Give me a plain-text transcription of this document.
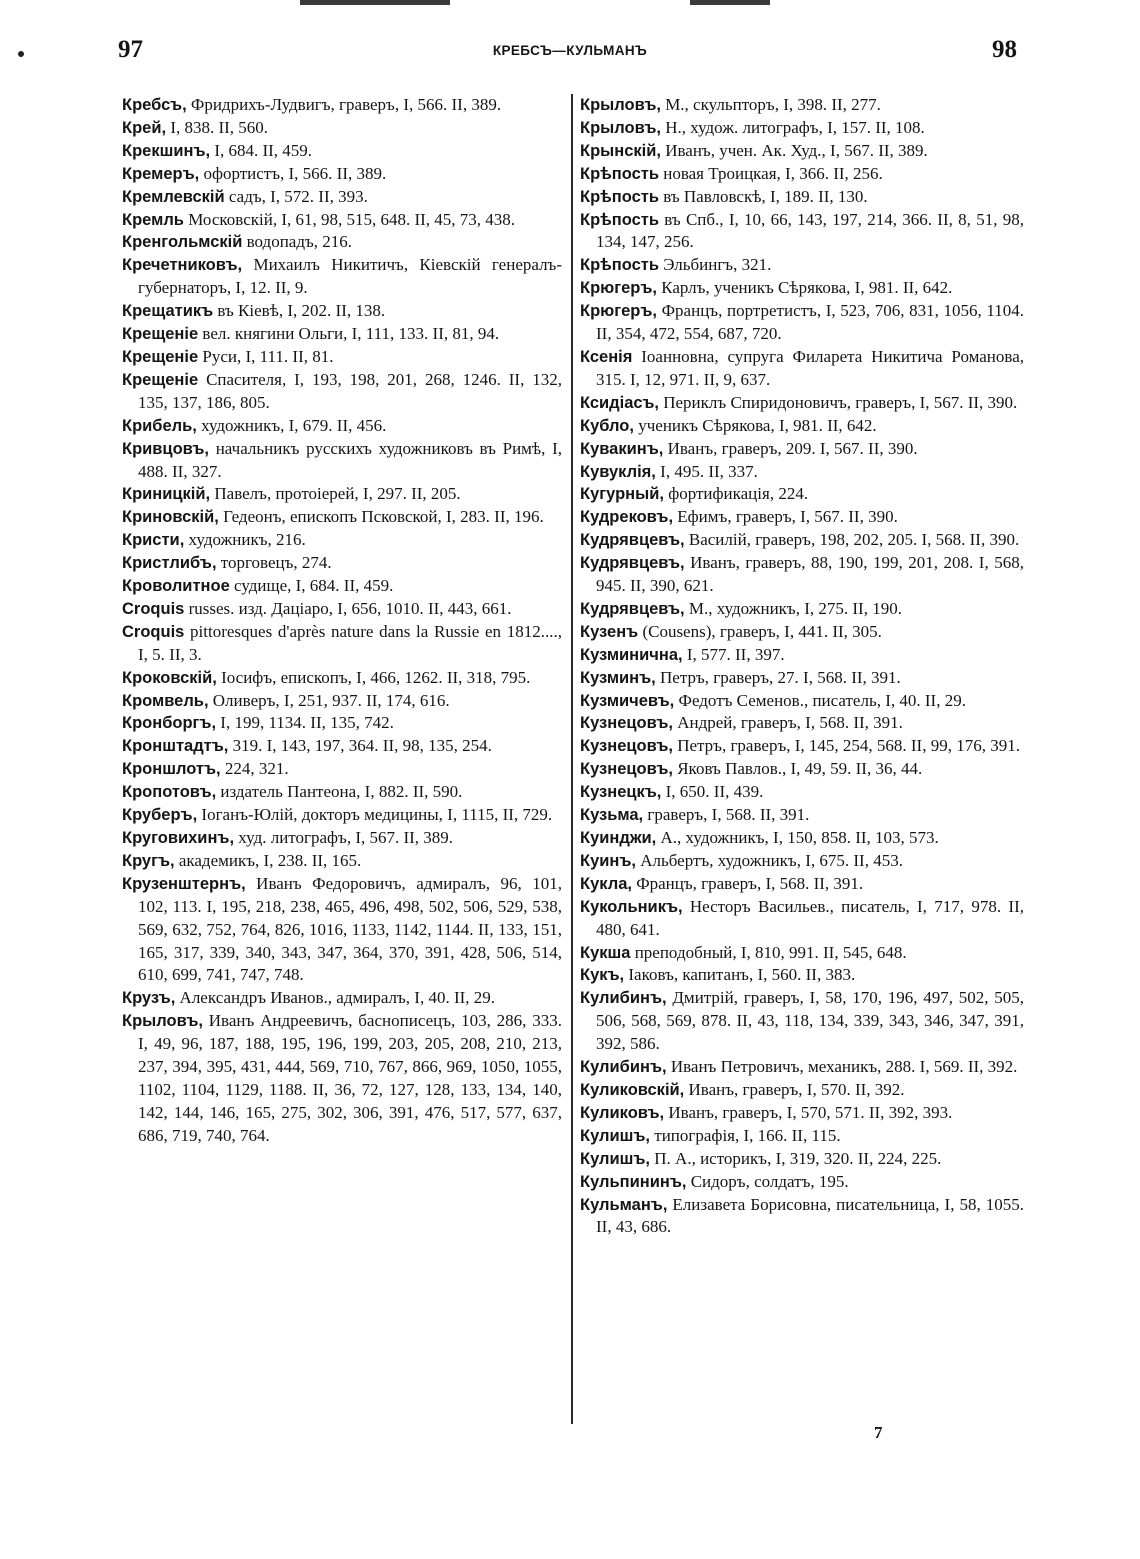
97	КРЕБСЪ—КУЛЬМАНЪ	98

Кребсъ, Фридрихъ-Лудвигъ, граверъ, I, 566. II, 389.

Крей, I, 838. II, 560.

Крекшинъ, I, 684. II, 459.

Кремеръ, офортистъ, I, 566. II, 389.

Кремлевскій садъ, I, 572. II, 393.

Кремль Московскій, I, 61, 98, 515, 648. II, 45, 73, 438.

Кренгольмскій водопадъ, 216.

Кречетниковъ, Михаилъ Никитичъ, Кіевскій генералъ-губернаторъ, I, 12. II, 9.

Крещатикъ въ Кіевѣ, I, 202. II, 138.

Крещеніе вел. княгини Ольги, I, 111, 133. II, 81, 94.

Крещеніе Руси, I, 111. II, 81.

Крещеніе Спасителя, I, 193, 198, 201, 268, 1246. II, 132, 135, 137, 186, 805.

Крибель, художникъ, I, 679. II, 456.

Кривцовъ, начальникъ русскихъ художниковъ въ Римѣ, I, 488. II, 327.

Криницкій, Павелъ, протоіерей, I, 297. II, 205.

Криновскій, Гедеонъ, епископъ Псковской, I, 283. II, 196.

Кристи, художникъ, 216.

Кристлибъ, торговецъ, 274.

Кроволитное судище, I, 684. II, 459.

Croquis russes. изд. Даціаро, I, 656, 1010. II, 443, 661.

Croquis pittoresques d'après nature dans la Russie en 1812...., I, 5. II, 3.

Кроковскій, Іосифъ, епископъ, I, 466, 1262. II, 318, 795.

Кромвель, Оливеръ, I, 251, 937. II, 174, 616.

Кронборгъ, I, 199, 1134. II, 135, 742.

Кронштадтъ, 319. I, 143, 197, 364. II, 98, 135, 254.

Кроншлотъ, 224, 321.

Кропотовъ, издатель Пантеона, I, 882. II, 590.

Круберъ, Іоганъ-Юлій, докторъ медицины, I, 1115, II, 729.

Круговихинъ, худ. литографъ, I, 567. II, 389.

Кругъ, академикъ, I, 238. II, 165.

Крузенштернъ, Иванъ Федоровичъ, адмиралъ, 96, 101, 102, 113. I, 195, 218, 238, 465, 496, 498, 502, 506, 529, 538, 569, 632, 752, 764, 826, 1016, 1133, 1142, 1144. II, 133, 151, 165, 317, 339, 340, 343, 347, 364, 370, 391, 428, 506, 514, 610, 699, 741, 747, 748.

Крузъ, Александръ Иванов., адмиралъ, I, 40. II, 29.

Крыловъ, Иванъ Андреевичъ, баснописецъ, 103, 286, 333. I, 49, 96, 187, 188, 195, 196, 199, 203, 205, 208, 210, 213, 237, 394, 395, 431, 444, 569, 710, 767, 866, 969, 1050, 1055, 1102, 1104, 1129, 1188. II, 36, 72, 127, 128, 133, 134, 140, 142, 144, 146, 165, 275, 302, 306, 391, 476, 517, 577, 637, 686, 719, 740, 764.

Крыловъ, М., скульпторъ, I, 398. II, 277.

Крыловъ, Н., худож. литографъ, I, 157. II, 108.

Крынскій, Иванъ, учен. Ак. Худ., I, 567. II, 389.

Крѣпость новая Троицкая, I, 366. II, 256.

Крѣпость въ Павловскѣ, I, 189. II, 130.

Крѣпость въ Спб., I, 10, 66, 143, 197, 214, 366. II, 8, 51, 98, 134, 147, 256.

Крѣпость Эльбингъ, 321.

Крюгеръ, Карлъ, ученикъ Сѣрякова, I, 981. II, 642.

Крюгеръ, Францъ, портретистъ, I, 523, 706, 831, 1056, 1104. II, 354, 472, 554, 687, 720.

Ксенія Іоанновна, супруга Филарета Никитича Романова, 315. I, 12, 971. II, 9, 637.

Ксидіасъ, Периклъ Спиридоновичъ, граверъ, I, 567. II, 390.

Кубло, ученикъ Сѣрякова, I, 981. II, 642.

Кувакинъ, Иванъ, граверъ, 209. I, 567. II, 390.

Кувуклія, I, 495. II, 337.

Кугурный, фортификація, 224.

Кудрековъ, Ефимъ, граверъ, I, 567. II, 390.

Кудрявцевъ, Василій, граверъ, 198, 202, 205. I, 568. II, 390.

Кудрявцевъ, Иванъ, граверъ, 88, 190, 199, 201, 208. I, 568, 945. II, 390, 621.

Кудрявцевъ, М., художникъ, I, 275. II, 190.

Кузенъ (Cousens), граверъ, I, 441. II, 305.

Кузминична, I, 577. II, 397.

Кузминъ, Петръ, граверъ, 27. I, 568. II, 391.

Кузмичевъ, Федотъ Семенов., писатель, I, 40. II, 29.

Кузнецовъ, Андрей, граверъ, I, 568. II, 391.

Кузнецовъ, Петръ, граверъ, I, 145, 254, 568. II, 99, 176, 391.

Кузнецовъ, Яковъ Павлов., I, 49, 59. II, 36, 44.

Кузнецкъ, I, 650. II, 439.

Кузьма, граверъ, I, 568. II, 391.

Куинджи, А., художникъ, I, 150, 858. II, 103, 573.

Куинъ, Альбертъ, художникъ, I, 675. II, 453.

Кукла, Францъ, граверъ, I, 568. II, 391.

Кукольникъ, Несторъ Васильев., писатель, I, 717, 978. II, 480, 641.

Кукша преподобный, I, 810, 991. II, 545, 648.

Кукъ, Іаковъ, капитанъ, I, 560. II, 383.

Кулибинъ, Дмитрій, граверъ, I, 58, 170, 196, 497, 502, 505, 506, 568, 569, 878. II, 43, 118, 134, 339, 343, 346, 347, 391, 392, 586.

Кулибинъ, Иванъ Петровичъ, механикъ, 288. I, 569. II, 392.

Куликовскій, Иванъ, граверъ, I, 570. II, 392.

Куликовъ, Иванъ, граверъ, I, 570, 571. II, 392, 393.

Кулишъ, типографія, I, 166. II, 115.

Кулишъ, П. А., историкъ, I, 319, 320. II, 224, 225.

Кульпининъ, Сидоръ, солдатъ, 195.

Кульманъ, Елизавета Борисовна, писательница, I, 58, 1055. II, 43, 686.

7
